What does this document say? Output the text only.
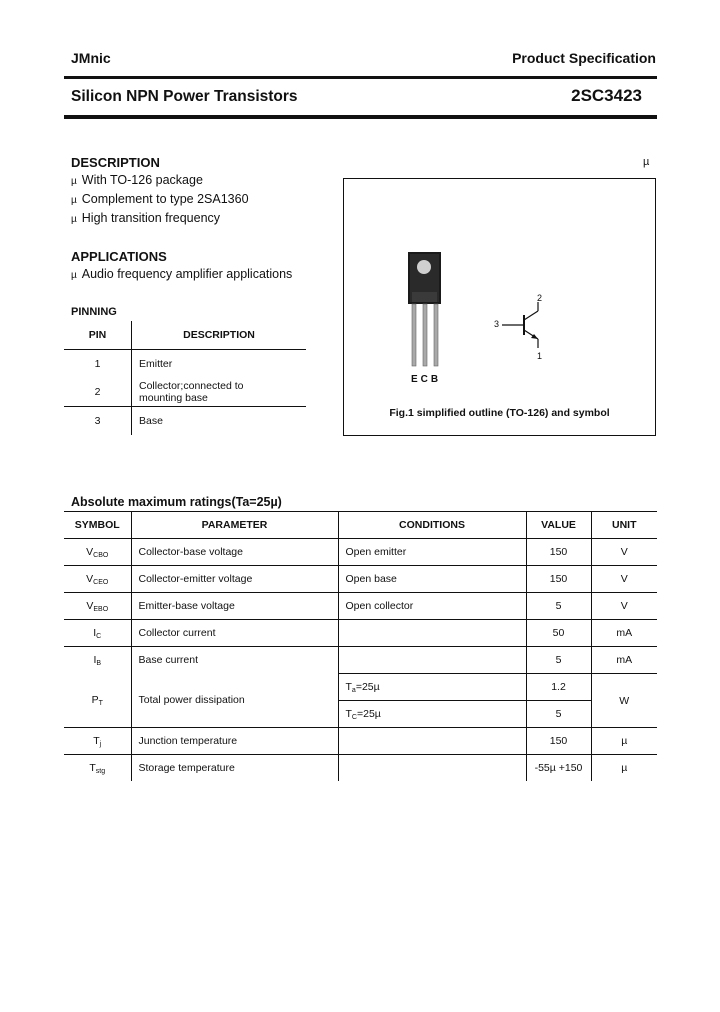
JMnic	Product Specification
Silicon NPN Power Transistors	2SC3423
DESCRIPTION
µ With TO-126 package
µ Complement to type 2SA1360
µ High transition frequency
µ
APPLICATIONS
µ Audio frequency amplifier applications
PINNING
PIN	DESCRIPTION
1	Emitter
2	Collector;connected to
mounting base
3	Base
ECB
3
2
1
Fig.1 simplified outline (TO-126) and symbol
Absolute maximum ratings(Ta=25µ)
SYMBOL	PARAMETER	CONDITIONS	VALUE	UNIT
$V_{CBO}$	Collector-base voltage	Open emitter	150	V
$V_{CEO}$	Collector-emitter voltage	Open base	150	V
$V_{EBO}$	Emitter-base voltage	Open collector	5	V
$I_C$	Collector current		50	mA
$I_B$	Base current		5	mA
$P_T$	Total power dissipation	$T_a=25\mu$	1.2	W
		$T_C=25\mu$	5	
$T_j$	Junction temperature		150	µ
$T_{stg}$	Storage temperature		-55µ +150	µ
